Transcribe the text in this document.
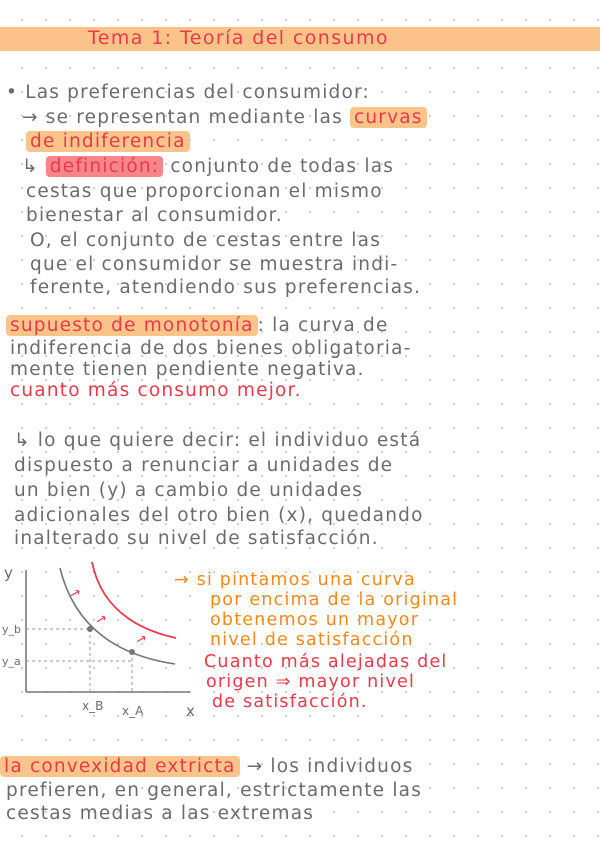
Tema 1: Teoría del consumo
• Las preferencias del consumidor:
→ se representan mediante las curvas
de indiferencia
↳ definición: conjunto de todas las
cestas que proporcionan el mismo
bienestar al consumidor.
O, el conjunto de cestas entre las
que el consumidor se muestra indi-
ferente, atendiendo sus preferencias.
supuesto de monotonía : la curva de
indiferencia de dos bienes obligatoria-
mente tienen pendiente negativa.
cuanto más consumo mejor.
↳ lo que quiere decir: el individuo está
dispuesto a renunciar a unidades de
un bien (y) a cambio de unidades
adicionales del otro bien (x), quedando
inalterado su nivel de satisfacción.
y
x
y_b
y_a
x_B x_A
→
→
→
→ si pintamos una curva
por encima de la original
obtenemos un mayor
nivel de satisfacción
Cuanto más alejadas del
origen ⇒ mayor nivel
de satisfacción.
la convexidad extricta → los individuos
prefieren, en general, estrictamente las
cestas medias a las extremas
